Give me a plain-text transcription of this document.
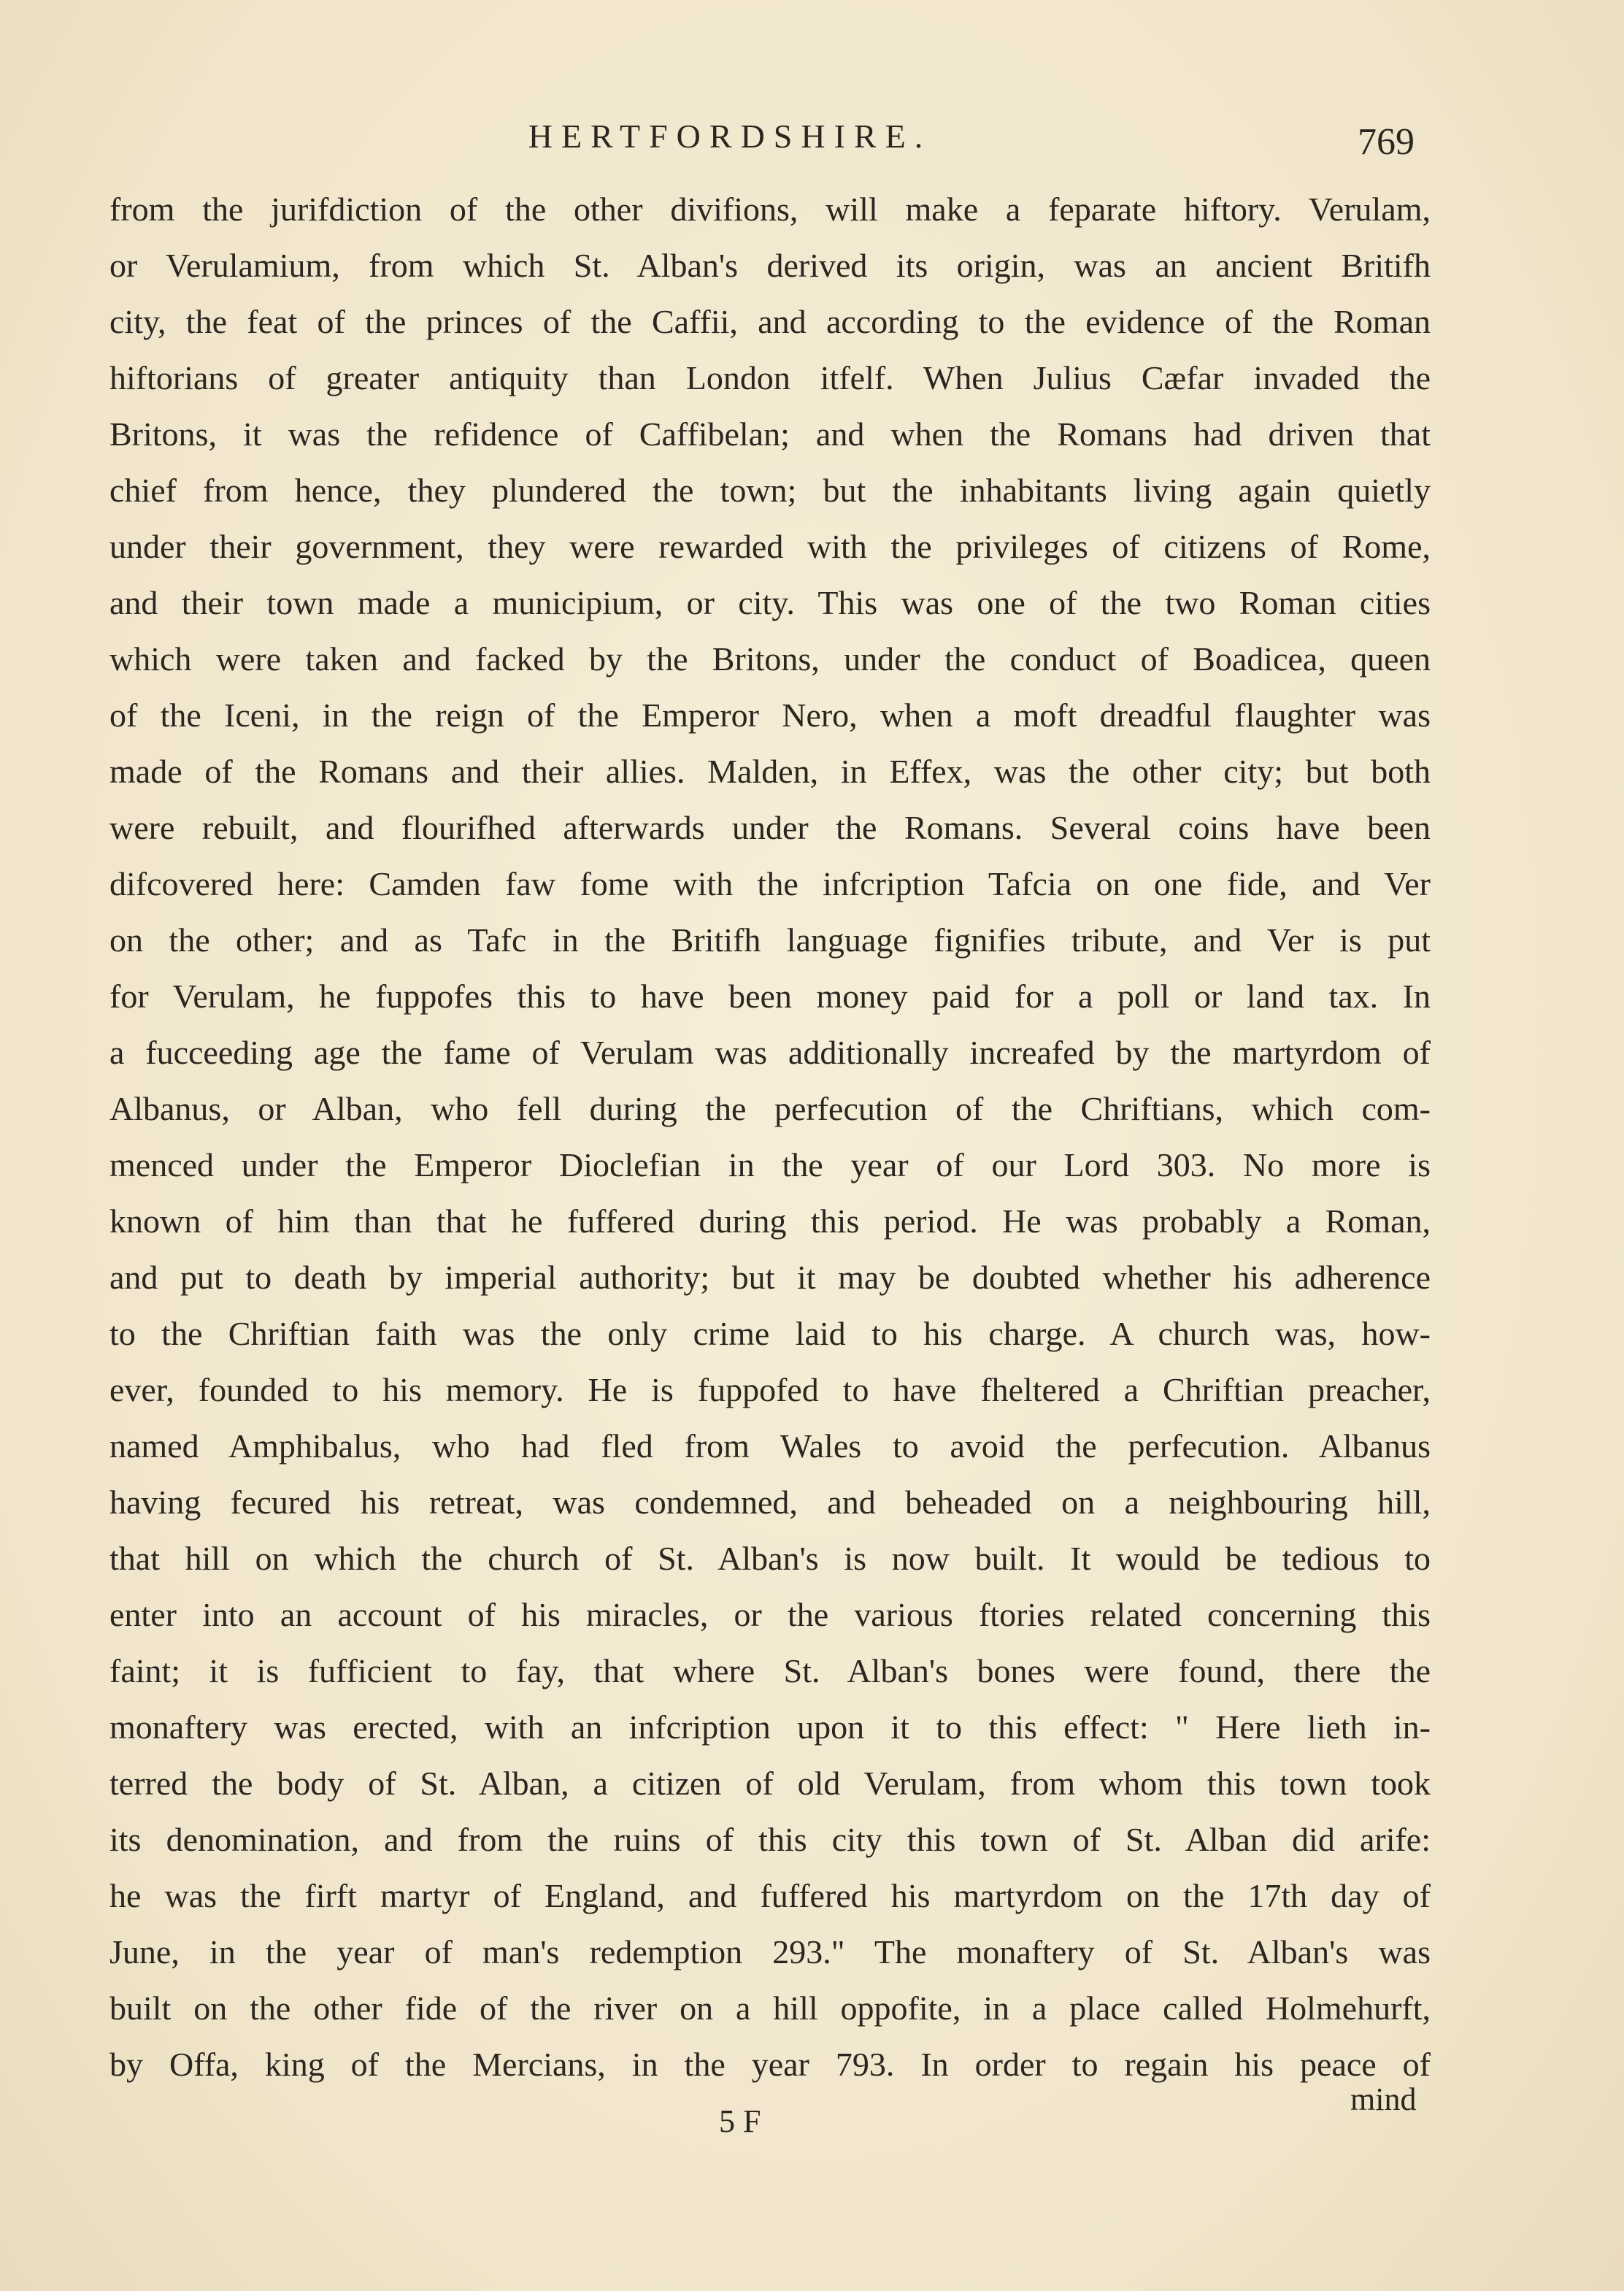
HERTFORDSHIRE.	769
from the jurifdiction of the other divifions, will make a feparate hiftory. Verulam,
or Verulamium, from which St. Alban's derived its origin, was an ancient Britifh
city, the feat of the princes of the Caffii, and according to the evidence of the Roman
hiftorians of greater antiquity than London itfelf. When Julius Cæfar invaded the
Britons, it was the refidence of Caffibelan; and when the Romans had driven that
chief from hence, they plundered the town; but the inhabitants living again quietly
under their government, they were rewarded with the privileges of citizens of Rome,
and their town made a municipium, or city. This was one of the two Roman cities
which were taken and facked by the Britons, under the conduct of Boadicea, queen
of the Iceni, in the reign of the Emperor Nero, when a moft dreadful flaughter was
made of the Romans and their allies. Malden, in Effex, was the other city; but both
were rebuilt, and flourifhed afterwards under the Romans. Several coins have been
difcovered here: Camden faw fome with the infcription Tafcia on one fide, and Ver
on the other; and as Tafc in the Britifh language fignifies tribute, and Ver is put
for Verulam, he fuppofes this to have been money paid for a poll or land tax. In
a fucceeding age the fame of Verulam was additionally increafed by the martyrdom of
Albanus, or Alban, who fell during the perfecution of the Chriftians, which com-
menced under the Emperor Dioclefian in the year of our Lord 303. No more is
known of him than that he fuffered during this period. He was probably a Roman,
and put to death by imperial authority; but it may be doubted whether his adherence
to the Chriftian faith was the only crime laid to his charge. A church was, how-
ever, founded to his memory. He is fuppofed to have fheltered a Chriftian preacher,
named Amphibalus, who had fled from Wales to avoid the perfecution. Albanus
having fecured his retreat, was condemned, and beheaded on a neighbouring hill,
that hill on which the church of St. Alban's is now built. It would be tedious to
enter into an account of his miracles, or the various ftories related concerning this
faint; it is fufficient to fay, that where St. Alban's bones were found, there the
monaftery was erected, with an infcription upon it to this effect: " Here lieth in-
terred the body of St. Alban, a citizen of old Verulam, from whom this town took
its denomination, and from the ruins of this city this town of St. Alban did arife:
he was the firft martyr of England, and fuffered his martyrdom on the 17th day of
June, in the year of man's redemption 293." The monaftery of St. Alban's was
built on the other fide of the river on a hill oppofite, in a place called Holmehurft,
by Offa, king of the Mercians, in the year 793. In order to regain his peace of
5 F
mind
